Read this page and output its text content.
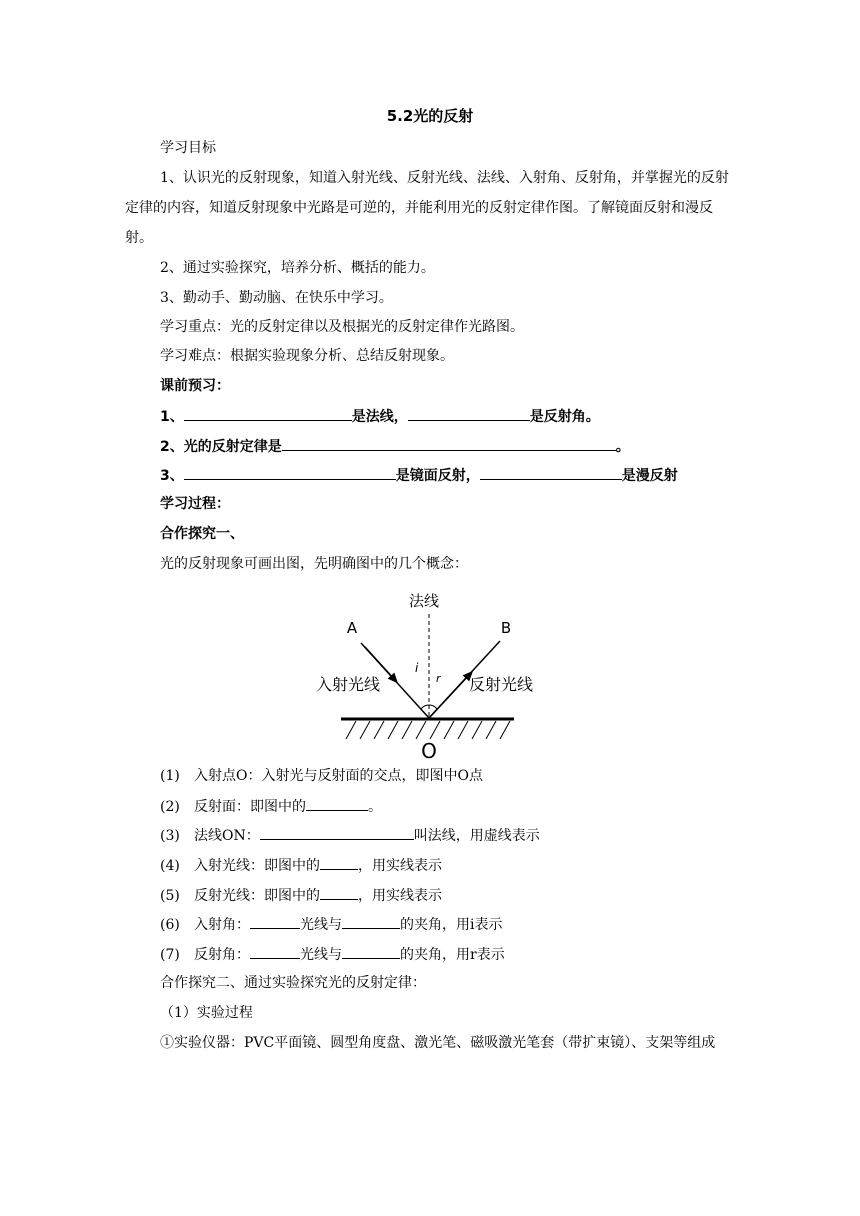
5.2光的反射
学习目标
1、认识光的反射现象，知道入射光线、反射光线、法线、入射角、反射角，并掌握光的反射定律的内容，知道反射现象中光路是可逆的，并能利用光的反射定律作图。了解镜面反射和漫反射。
2、通过实验探究，培养分析、概括的能力。
3、勤动手、勤动脑、在快乐中学习。
学习重点：光的反射定律以及根据光的反射定律作光路图。
学习难点：根据实验现象分析、总结反射现象。
课前预习：
1、	是法线，	是反射角。
2、光的反射定律是	。
3、	是镜面反射，	是漫反射
学习过程：
合作探究一、
光的反射现象可画出图，先明确图中的几个概念：
法线
A	B
入射光线	反射光线
i
r
O
(1) 入射点O：入射光与反射面的交点，即图中O点
(2) 反射面：即图中的	。
(3) 法线ON：	叫法线，用虚线表示
(4) 入射光线：即图中的	，用实线表示
(5) 反射光线：即图中的	，用实线表示
(6) 入射角：	光线与	的夹角，用i表示
(7) 反射角：	光线与	的夹角，用r表示
合作探究二、通过实验探究光的反射定律：
（1）实验过程
①实验仪器：PVC平面镜、圆型角度盘、激光笔、磁吸激光笔套（带扩束镜）、支架等组成
